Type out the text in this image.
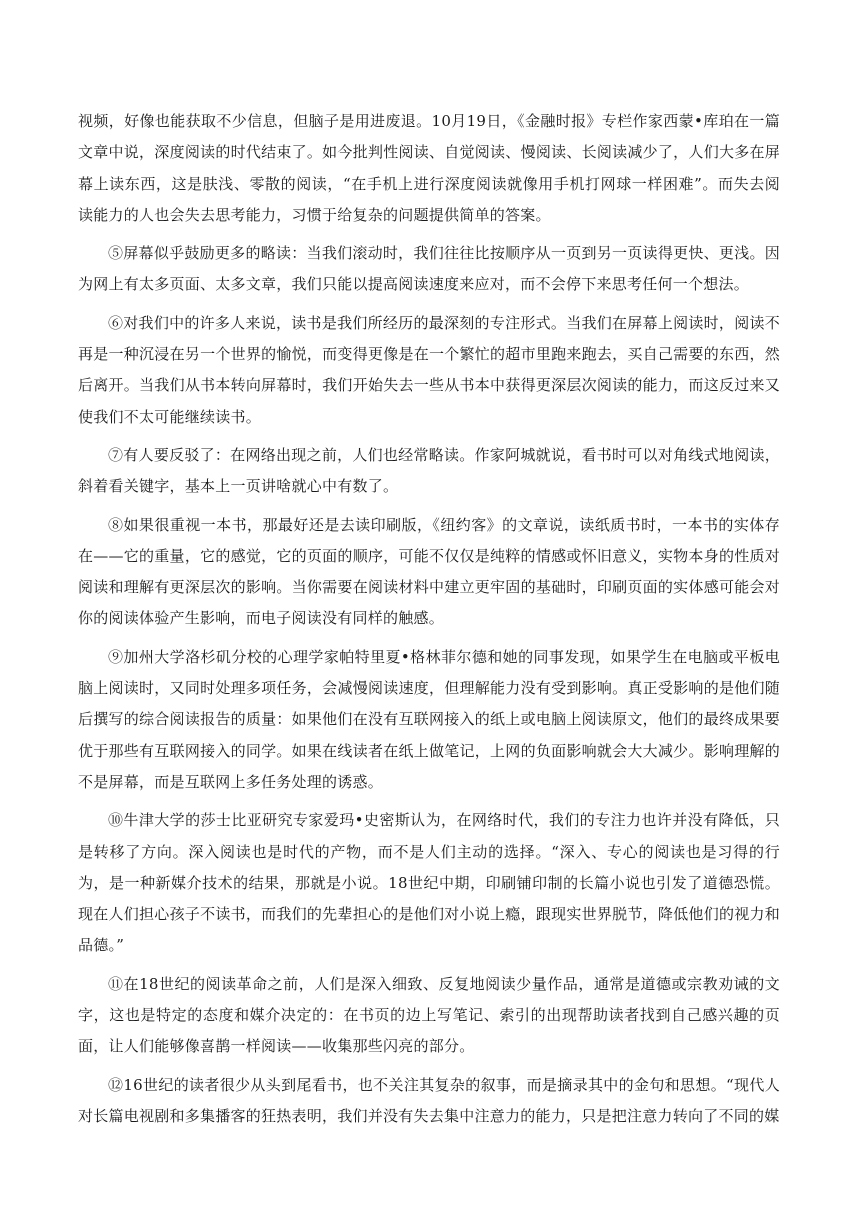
视频，好像也能获取不少信息，但脑子是用进废退。10月19日，《金融时报》专栏作家西蒙•库珀在一篇文章中说，深度阅读的时代结束了。如今批判性阅读、自觉阅读、慢阅读、长阅读减少了，人们大多在屏幕上读东西，这是肤浅、零散的阅读，“在手机上进行深度阅读就像用手机打网球一样困难”。而失去阅读能力的人也会失去思考能力，习惯于给复杂的问题提供简单的答案。

⑤屏幕似乎鼓励更多的略读：当我们滚动时，我们往往比按顺序从一页到另一页读得更快、更浅。因为网上有太多页面、太多文章，我们只能以提高阅读速度来应对，而不会停下来思考任何一个想法。

⑥对我们中的许多人来说，读书是我们所经历的最深刻的专注形式。当我们在屏幕上阅读时，阅读不再是一种沉浸在另一个世界的愉悦，而变得更像是在一个繁忙的超市里跑来跑去，买自己需要的东西，然后离开。当我们从书本转向屏幕时，我们开始失去一些从书本中获得更深层次阅读的能力，而这反过来又使我们不太可能继续读书。

⑦有人要反驳了：在网络出现之前，人们也经常略读。作家阿城就说，看书时可以对角线式地阅读，斜着看关键字，基本上一页讲啥就心中有数了。

⑧如果很重视一本书，那最好还是去读印刷版，《纽约客》的文章说，读纸质书时，一本书的实体存在——它的重量，它的感觉，它的页面的顺序，可能不仅仅是纯粹的情感或怀旧意义，实物本身的性质对阅读和理解有更深层次的影响。当你需要在阅读材料中建立更牢固的基础时，印刷页面的实体感可能会对你的阅读体验产生影响，而电子阅读没有同样的触感。

⑨加州大学洛杉矶分校的心理学家帕特里夏•格林菲尔德和她的同事发现，如果学生在电脑或平板电脑上阅读时，又同时处理多项任务，会减慢阅读速度，但理解能力没有受到影响。真正受影响的是他们随后撰写的综合阅读报告的质量：如果他们在没有互联网接入的纸上或电脑上阅读原文，他们的最终成果要优于那些有互联网接入的同学。如果在线读者在纸上做笔记，上网的负面影响就会大大减少。影响理解的不是屏幕，而是互联网上多任务处理的诱惑。

⑩牛津大学的莎士比亚研究专家爱玛•史密斯认为，在网络时代，我们的专注力也许并没有降低，只是转移了方向。深入阅读也是时代的产物，而不是人们主动的选择。“深入、专心的阅读也是习得的行为，是一种新媒介技术的结果，那就是小说。18世纪中期，印刷铺印制的长篇小说也引发了道德恐慌。现在人们担心孩子不读书，而我们的先辈担心的是他们对小说上瘾，跟现实世界脱节，降低他们的视力和品德。”

⑪在18世纪的阅读革命之前，人们是深入细致、反复地阅读少量作品，通常是道德或宗教劝诫的文字，这也是特定的态度和媒介决定的：在书页的边上写笔记、索引的出现帮助读者找到自己感兴趣的页面，让人们能够像喜鹊一样阅读——收集那些闪亮的部分。

⑫16世纪的读者很少从头到尾看书，也不关注其复杂的叙事，而是摘录其中的金句和思想。“现代人对长篇电视剧和多集播客的狂热表明，我们并没有失去集中注意力的能力，只是把注意力转向了不同的媒
